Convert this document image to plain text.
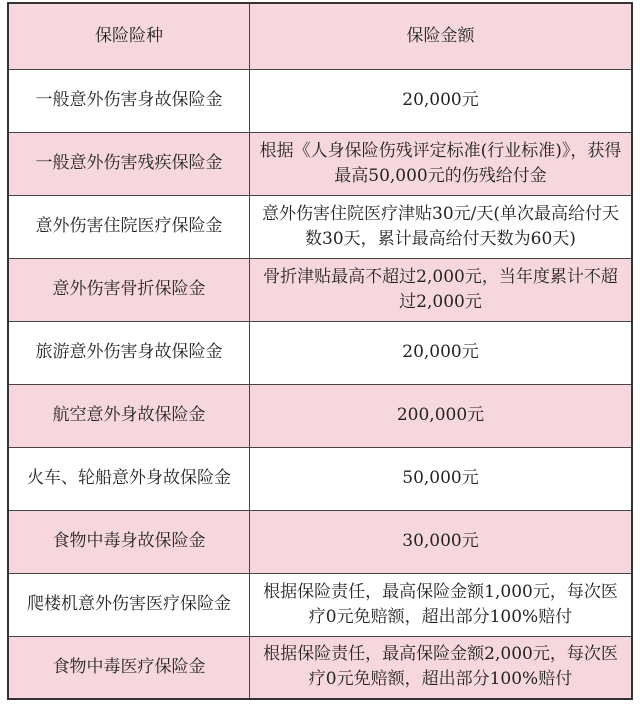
保险险种	保险金额
一般意外伤害身故保险金	20,000元
一般意外伤害残疾保险金	根据《人身保险伤残评定标准(行业标准)》，获得最高50,000元的伤残给付金
意外伤害住院医疗保险金	意外伤害住院医疗津贴30元/天(单次最高给付天数30天，累计最高给付天数为60天)
意外伤害骨折保险金	骨折津贴最高不超过2,000元，当年度累计不超过2,000元
旅游意外伤害身故保险金	20,000元
航空意外身故保险金	200,000元
火车、轮船意外身故保险金	50,000元
食物中毒身故保险金	30,000元
爬楼机意外伤害医疗保险金	根据保险责任，最高保险金额1,000元，每次医疗0元免赔额，超出部分100%赔付
食物中毒医疗保险金	根据保险责任，最高保险金额2,000元，每次医疗0元免赔额，超出部分100%赔付
